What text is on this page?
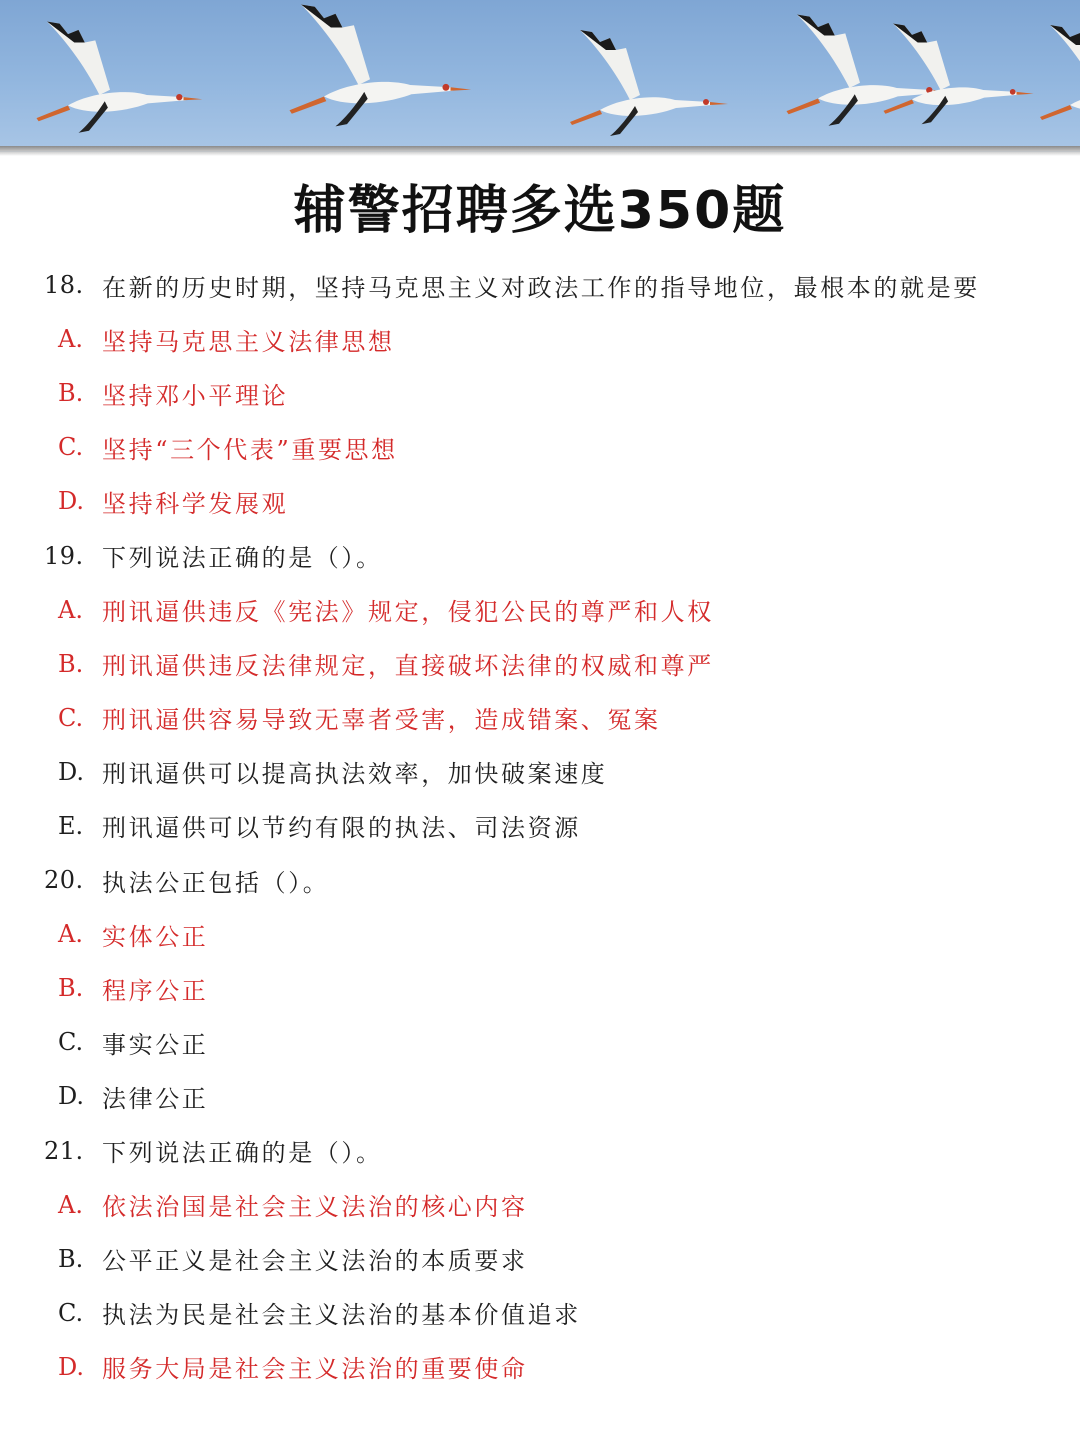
辅警招聘多选350题
18. 在新的历史时期，坚持马克思主义对政法工作的指导地位，最根本的就是要
A. 坚持马克思主义法律思想
B. 坚持邓小平理论
C. 坚持“三个代表”重要思想
D. 坚持科学发展观
19. 下列说法正确的是（）。
A. 刑讯逼供违反《宪法》规定，侵犯公民的尊严和人权
B. 刑讯逼供违反法律规定，直接破坏法律的权威和尊严
C. 刑讯逼供容易导致无辜者受害，造成错案、冤案
D. 刑讯逼供可以提高执法效率，加快破案速度
E. 刑讯逼供可以节约有限的执法、司法资源
20. 执法公正包括（）。
A. 实体公正
B. 程序公正
C. 事实公正
D. 法律公正
21. 下列说法正确的是（）。
A. 依法治国是社会主义法治的核心内容
B. 公平正义是社会主义法治的本质要求
C. 执法为民是社会主义法治的基本价值追求
D. 服务大局是社会主义法治的重要使命
